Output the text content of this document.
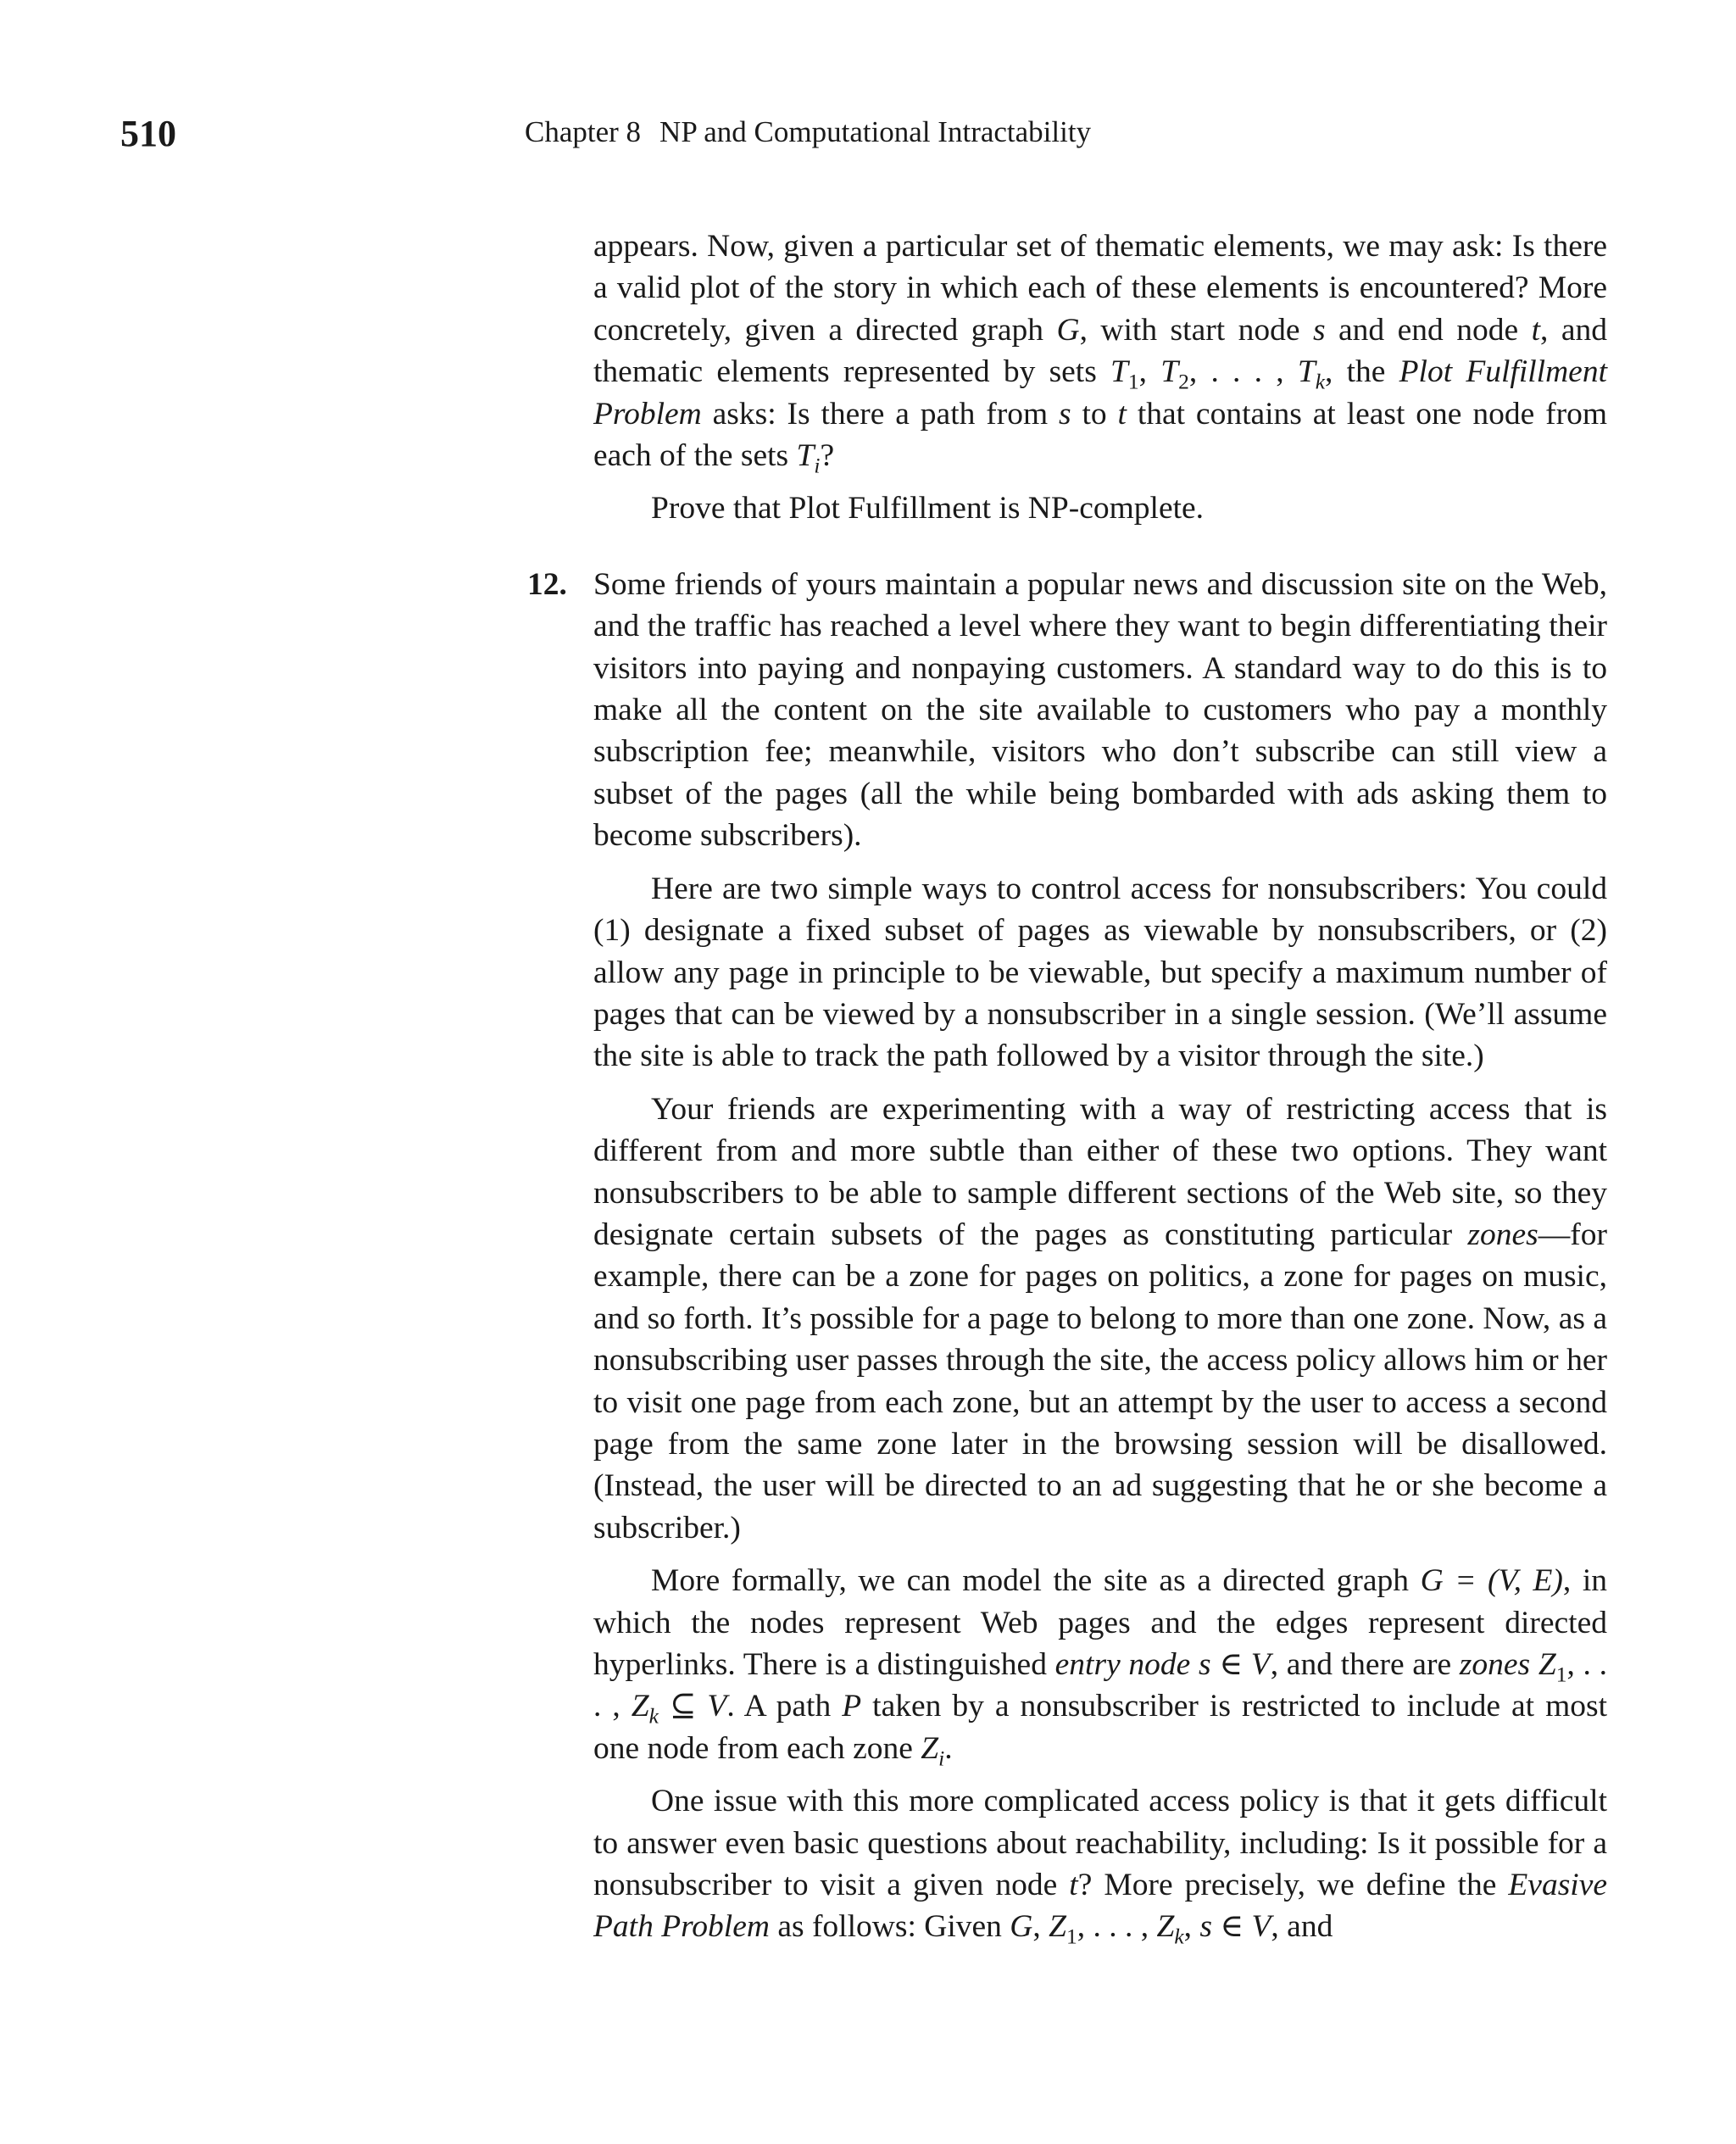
510	Chapter 8 NP and Computational Intractability

appears. Now, given a particular set of thematic elements, we may ask: Is there a valid plot of the story in which each of these elements is encountered? More concretely, given a directed graph G, with start node s and end node t, and thematic elements represented by sets $T_1$, $T_2$, . . . , $T_k$, the Plot Fulfillment Problem asks: Is there a path from s to t that contains at least one node from each of the sets $T_i$?

Prove that Plot Fulfillment is NP-complete.

12. Some friends of yours maintain a popular news and discussion site on the Web, and the traffic has reached a level where they want to begin differentiating their visitors into paying and nonpaying customers. A standard way to do this is to make all the content on the site available to customers who pay a monthly subscription fee; meanwhile, visitors who don’t subscribe can still view a subset of the pages (all the while being bombarded with ads asking them to become subscribers).

Here are two simple ways to control access for nonsubscribers: You could (1) designate a fixed subset of pages as viewable by nonsubscribers, or (2) allow any page in principle to be viewable, but specify a maximum number of pages that can be viewed by a nonsubscriber in a single session. (We’ll assume the site is able to track the path followed by a visitor through the site.)

Your friends are experimenting with a way of restricting access that is different from and more subtle than either of these two options. They want nonsubscribers to be able to sample different sections of the Web site, so they designate certain subsets of the pages as constituting particular zones—for example, there can be a zone for pages on politics, a zone for pages on music, and so forth. It’s possible for a page to belong to more than one zone. Now, as a nonsubscribing user passes through the site, the access policy allows him or her to visit one page from each zone, but an attempt by the user to access a second page from the same zone later in the browsing session will be disallowed. (Instead, the user will be directed to an ad suggesting that he or she become a subscriber.)

More formally, we can model the site as a directed graph G = (V, E), in which the nodes represent Web pages and the edges represent directed hyperlinks. There is a distinguished entry node s ∈ V, and there are zones $Z_1$, . . . , $Z_k$ ⊆ V. A path P taken by a nonsubscriber is restricted to include at most one node from each zone $Z_i$.

One issue with this more complicated access policy is that it gets difficult to answer even basic questions about reachability, including: Is it possible for a nonsubscriber to visit a given node t? More precisely, we define the Evasive Path Problem as follows: Given G, $Z_1$, . . . , $Z_k$, s ∈ V, and
